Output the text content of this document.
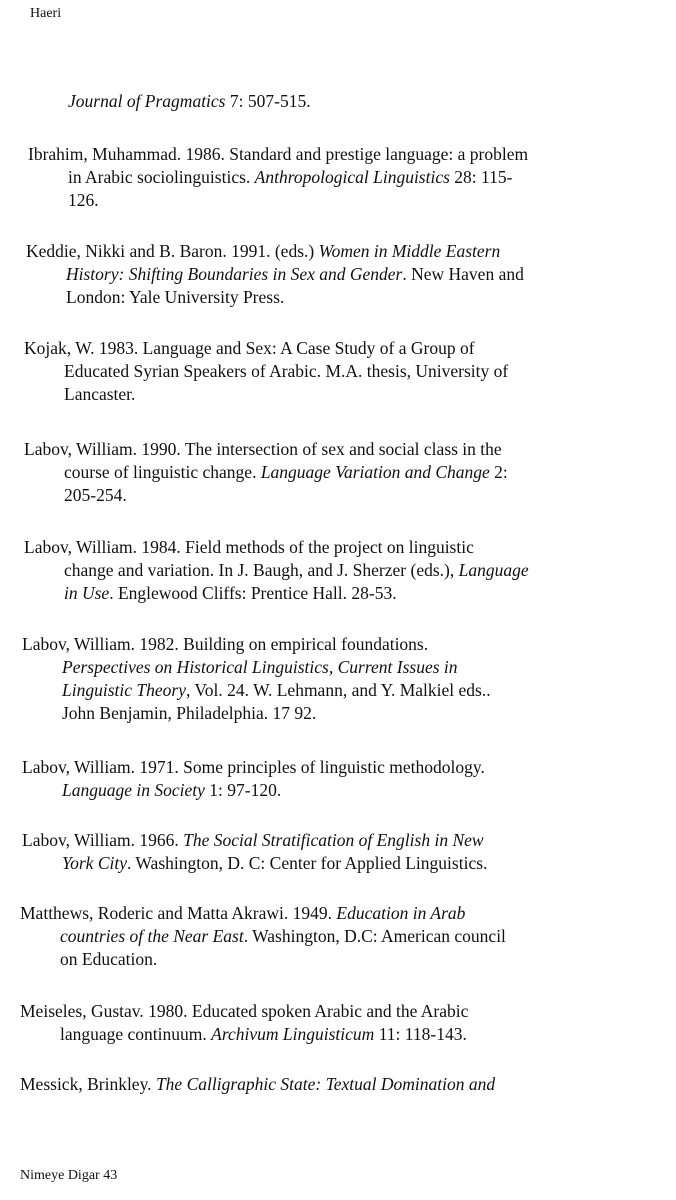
Haeri
Journal of Pragmatics 7: 507-515.
Ibrahim, Muhammad. 1986. Standard and prestige language: a problem
in Arabic sociolinguistics. Anthropological Linguistics 28: 115-
126.
Keddie, Nikki and B. Baron. 1991. (eds.) Women in Middle Eastern
History: Shifting Boundaries in Sex and Gender. New Haven and
London: Yale University Press.
Kojak, W. 1983. Language and Sex: A Case Study of a Group of
Educated Syrian Speakers of Arabic. M.A. thesis, University of
Lancaster.
Labov, William. 1990. The intersection of sex and social class in the
course of linguistic change. Language Variation and Change 2:
205-254.
Labov, William. 1984. Field methods of the project on linguistic
change and variation. In J. Baugh, and J. Sherzer (eds.), Language
in Use. Englewood Cliffs: Prentice Hall. 28-53.
Labov, William. 1982. Building on empirical foundations.
Perspectives on Historical Linguistics, Current Issues in
Linguistic Theory, Vol. 24. W. Lehmann, and Y. Malkiel eds..
John Benjamin, Philadelphia. 17 92.
Labov, William. 1971. Some principles of linguistic methodology.
Language in Society 1: 97-120.
Labov, William. 1966. The Social Stratification of English in New
York City. Washington, D. C: Center for Applied Linguistics.
Matthews, Roderic and Matta Akrawi. 1949. Education in Arab
countries of the Near East. Washington, D.C: American council
on Education.
Meiseles, Gustav. 1980. Educated spoken Arabic and the Arabic
language continuum. Archivum Linguisticum 11: 118-143.
Messick, Brinkley. The Calligraphic State: Textual Domination and
Nimeye Digar 43
